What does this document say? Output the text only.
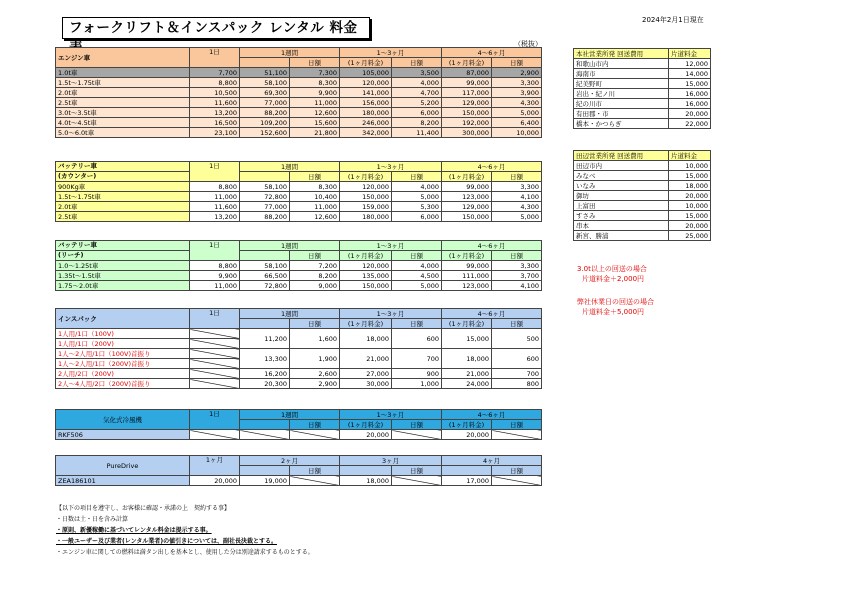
フォークリフト＆インスパック レンタル 料金表
2024年2月1日現在
（税抜）
エンジン車	1日	1週間		1～3ヶ月		4～6ヶ月	
			日額	(1ヶ月料金)	日額	(1ヶ月料金)	日額
1.0t車	7,700	51,100	7,300	105,000	3,500	87,000	2,900
1.5t～1.75t車	8,800	58,100	8,300	120,000	4,000	99,000	3,300
2.0t車	10,500	69,300	9,900	141,000	4,700	117,000	3,900
2.5t車	11,600	77,000	11,000	156,000	5,200	129,000	4,300
3.0t～3.5t車	13,200	88,200	12,600	180,000	6,000	150,000	5,000
4.0t～4.5t車	16,500	109,200	15,600	246,000	8,200	192,000	6,400
5.0～6.0t車	23,100	152,600	21,800	342,000	11,400	300,000	10,000
バッテリー車	1日	1週間		1～3ヶ月		4～6ヶ月	
(カウンター)			日額	(1ヶ月料金)	日額	(1ヶ月料金)	日額
900Kg車	8,800	58,100	8,300	120,000	4,000	99,000	3,300
1.5t～1.75t車	11,000	72,800	10,400	150,000	5,000	123,000	4,100
2.0t車	11,600	77,000	11,000	159,000	5,300	129,000	4,300
2.5t車	13,200	88,200	12,600	180,000	6,000	150,000	5,000
バッテリー車	1日	1週間		1～3ヶ月		4～6ヶ月	
(リーチ)			日額	(1ヶ月料金)	日額	(1ヶ月料金)	日額
1.0～1.25t車	8,800	58,100	7,200	120,000	4,000	99,000	3,300
1.35t～1.5t車	9,900	66,500	8,200	135,000	4,500	111,000	3,700
1.75～2.0t車	11,000	72,800	9,000	150,000	5,000	123,000	4,100
インスパック	1日	1週間		1～3ヶ月		4～6ヶ月	
			日額	(1ヶ月料金)	日額	(1ヶ月料金)	日額
1人用/1口（100V)		11,200	1,600	18,000	600	15,000	500
1人用/1口（200V)							
1人～2人用/1口（100V)首振り		13,300	1,900	21,000	700	18,000	600
1人～2人用/1口（200V)首振り							
2人用/2口（200V)		16,200	2,600	27,000	900	21,000	700
2人～4人用/2口（200V)首振り		20,300	2,900	30,000	1,000	24,000	800
気化式冷風機	1日	1週間		1～3ヶ月		4～6ヶ月	
			日額	(1ヶ月料金)	日額	(1ヶ月料金)	日額
RKF506				20,000		20,000	
PureDrive	1ヶ月	2ヶ月		3ヶ月		4ヶ月	
			日額		日額		日額
ZEA186101	20,000	19,000		18,000		17,000	
本社営業所発 回送費用	片道料金
和歌山市内	12,000
海南市	14,000
紀美野町	15,000
岩出・紀ノ川	16,000
紀の川市	16,000
有田郡・市	20,000
橋本・かつらぎ	22,000
田辺営業所発 回送費用	片道料金
田辺市内	10,000
みなべ	15,000
いなみ	18,000
御坊	20,000
上富田	10,000
すさみ	15,000
串本	20,000
新宮、勝浦	25,000
3.0t以上の回送の場合
片道料金＋2,000円
弊社休業日の回送の場合
片道料金＋5,000円
【以下の項目を遵守し、お客様に確認・承諾の上　契約する事】
・日数は土・日を含み計算
・原則、新優稼働に基づいてレンタル料金は提示する事。
・一般ユーザー及び業者(レンタル業者)の値引きについては、副社長決裁とする。
・エンジン車に関しての燃料は満タン出しを基本とし、使用した分は別途請求するものとする。
